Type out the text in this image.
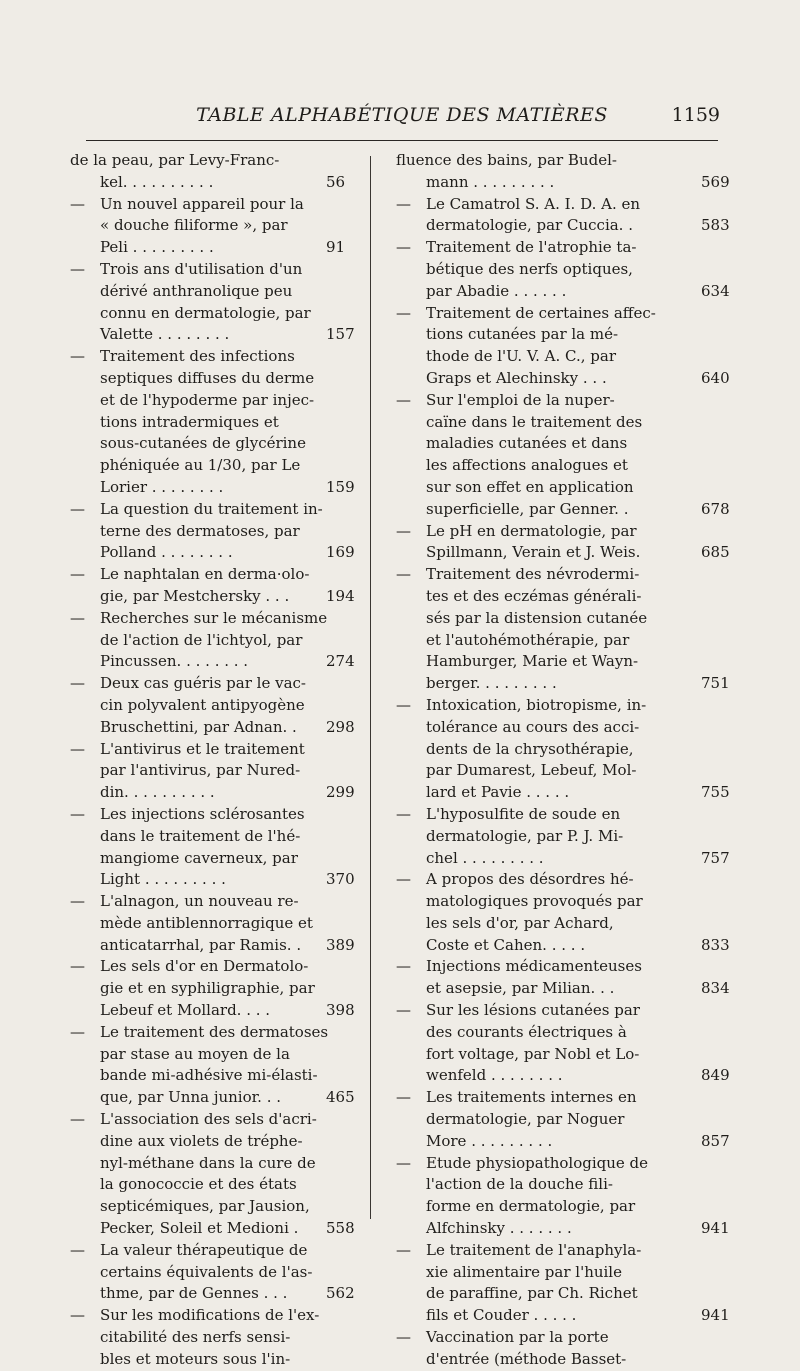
TABLE ALPHABÉTIQUE DES MATIÈRES	1159
de la peau, par Levy-Franc-
kel. . . . . . . . . .	56
— Un nouvel appareil pour la
« douche filiforme », par
Peli . . . . . . . . .	91
— Trois ans d'utilisation d'un
dérivé anthranolique peu
connu en dermatologie, par
Valette . . . . . . . .	157
— Traitement des infections
septiques diffuses du derme
et de l'hypoderme par injec-
tions intradermiques et
sous-cutanées de glycérine
phéniquée au 1/30, par Le
Lorier . . . . . . . .	159
— La question du traitement in-
terne des dermatoses, par
Polland . . . . . . . .	169
— Le naphtalan en derma·olo-
gie, par Mestchersky . . .	194
— Recherches sur le mécanisme
de l'action de l'ichtyol, par
Pincussen. . . . . . . .	274
— Deux cas guéris par le vac-
cin polyvalent antipyogène
Bruschettini, par Adnan. .	298
— L'antivirus et le traitement
par l'antivirus, par Nured-
din. . . . . . . . . .	299
— Les injections sclérosantes
dans le traitement de l'hé-
mangiome caverneux, par
Light . . . . . . . . .	370
— L'alnagon, un nouveau re-
mède antiblennorragique et
anticatarrhal, par Ramis. .	389
— Les sels d'or en Dermatolo-
gie et en syphiligraphie, par
Lebeuf et Mollard. . . .	398
— Le traitement des dermatoses
par stase au moyen de la
bande mi-adhésive mi-élasti-
que, par Unna junior. . .	465
— L'association des sels d'acri-
dine aux violets de tréphe-
nyl-méthane dans la cure de
la gonococcie et des états
septicémiques, par Jausion,
Pecker, Soleil et Medioni .	558
— La valeur thérapeutique de
certains équivalents de l'as-
thme, par de Gennes . . .	562
— Sur les modifications de l'ex-
citabilité des nerfs sensi-
bles et moteurs sous l'in-
fluence des bains, par Budel-
mann . . . . . . . . .	569
— Le Camatrol S. A. I. D. A. en
dermatologie, par Cuccia. .	583
— Traitement de l'atrophie ta-
bétique des nerfs optiques,
par Abadie . . . . . .	634
— Traitement de certaines affec-
tions cutanées par la mé-
thode de l'U. V. A. C., par
Graps et Alechinsky . . .	640
— Sur l'emploi de la nuper-
caïne dans le traitement des
maladies cutanées et dans
les affections analogues et
sur son effet en application
superficielle, par Genner. .	678
— Le pH en dermatologie, par
Spillmann, Verain et J. Weis.	685
— Traitement des névrodermi-
tes et des eczémas générali-
sés par la distension cutanée
et l'autohémothérapie, par
Hamburger, Marie et Wayn-
berger. . . . . . . . .	751
— Intoxication, biotropisme, in-
tolérance au cours des acci-
dents de la chrysothérapie,
par Dumarest, Lebeuf, Mol-
lard et Pavie . . . . .	755
— L'hyposulfite de soude en
dermatologie, par P. J. Mi-
chel . . . . . . . . .	757
— A propos des désordres hé-
matologiques provoqués par
les sels d'or, par Achard,
Coste et Cahen. . . . .	833
— Injections médicamenteuses
et asepsie, par Milian. . .	834
— Sur les lésions cutanées par
des courants électriques à
fort voltage, par Nobl et Lo-
wenfeld . . . . . . . .	849
— Les traitements internes en
dermatologie, par Noguer
More . . . . . . . . .	857
— Etude physiopathologique de
l'action de la douche fili-
forme en dermatologie, par
Alfchinsky . . . . . . .	941
— Le traitement de l'anaphyla-
xie alimentaire par l'huile
de paraffine, par Ch. Richet
fils et Couder . . . . .	941
— Vaccination par la porte
d'entrée (méthode Basset-
